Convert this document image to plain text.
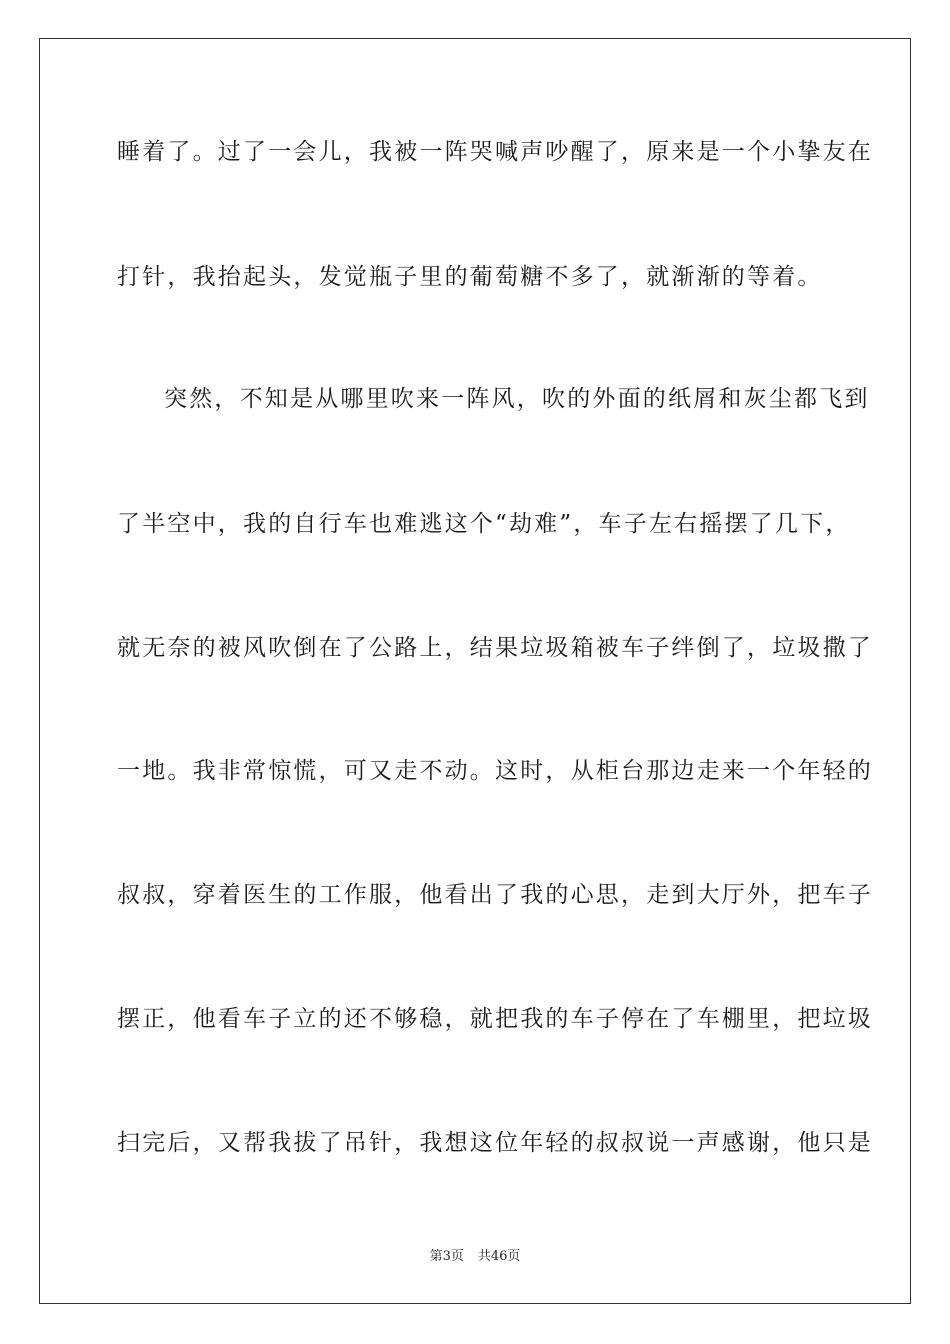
睡着了。过了一会儿，我被一阵哭喊声吵醒了，原来是一个小挚友在
打针，我抬起头，发觉瓶子里的葡萄糖不多了，就渐渐的等着。
突然，不知是从哪里吹来一阵风，吹的外面的纸屑和灰尘都飞到
了半空中，我的自行车也难逃这个“劫难”，车子左右摇摆了几下，
就无奈的被风吹倒在了公路上，结果垃圾箱被车子绊倒了，垃圾撒了
一地。我非常惊慌，可又走不动。这时，从柜台那边走来一个年轻的
叔叔，穿着医生的工作服，他看出了我的心思，走到大厅外，把车子
摆正，他看车子立的还不够稳，就把我的车子停在了车棚里，把垃圾
扫完后，又帮我拔了吊针，我想这位年轻的叔叔说一声感谢，他只是
第3页 共46页
